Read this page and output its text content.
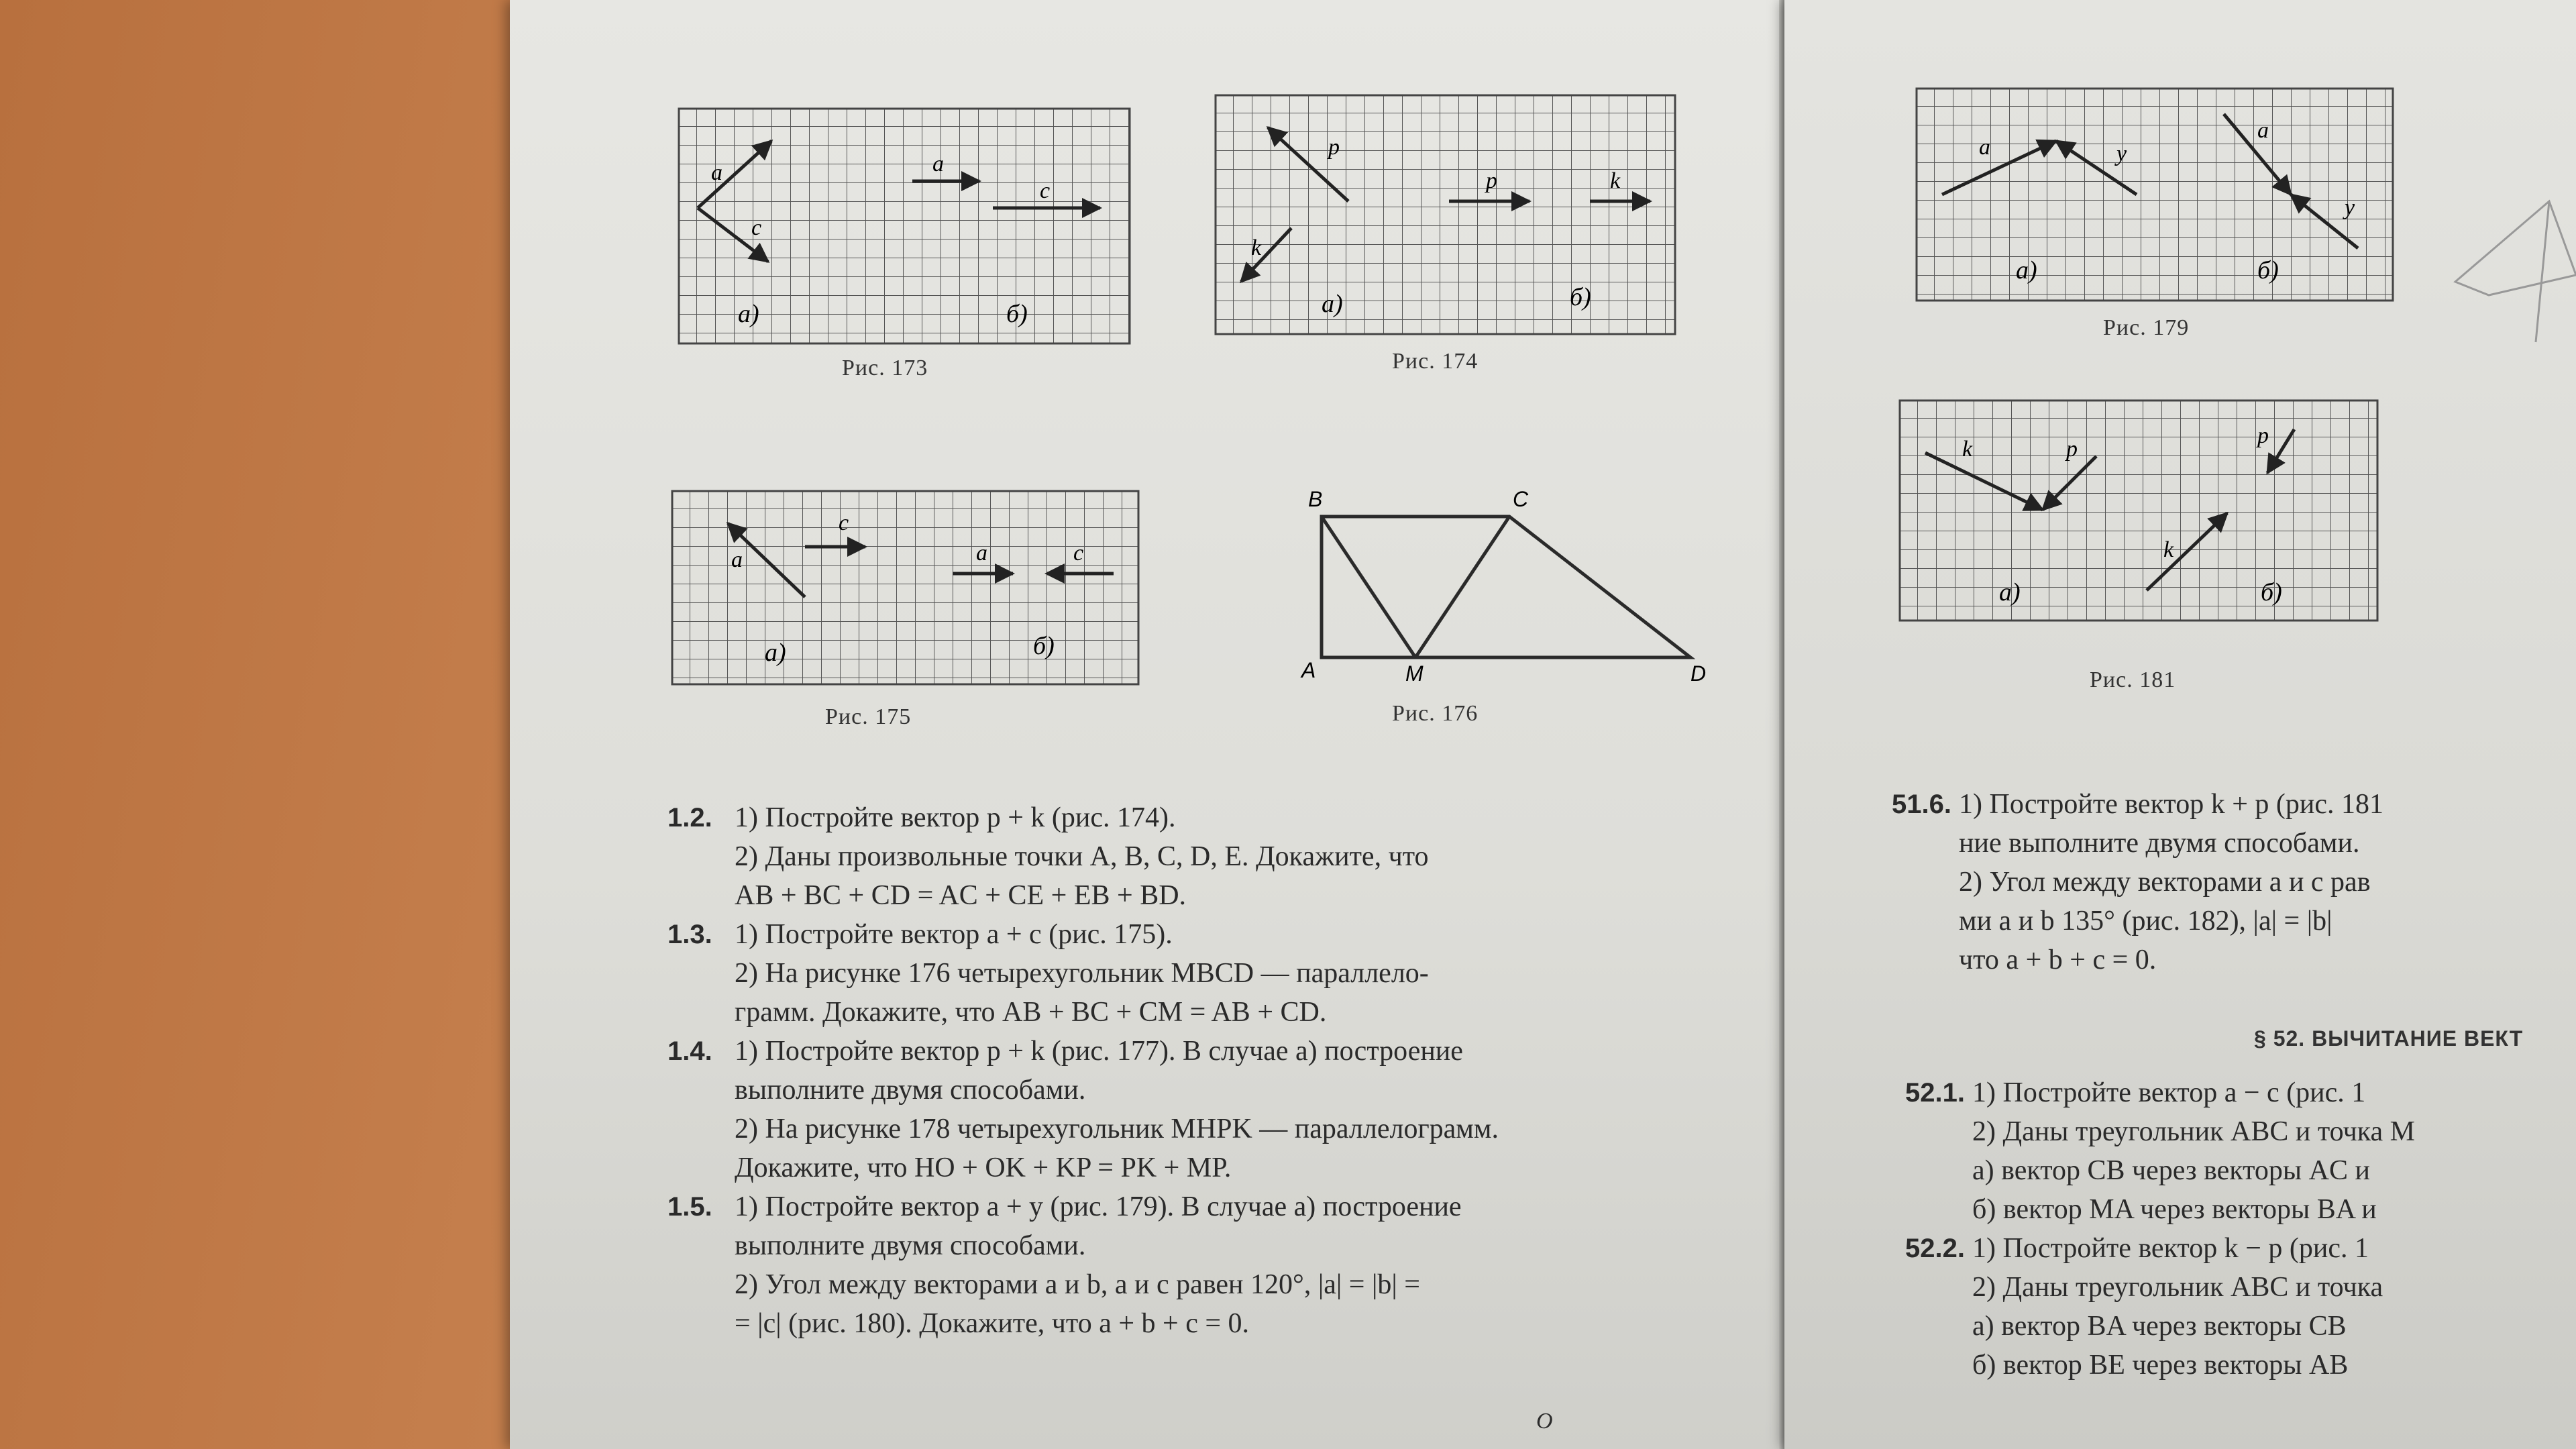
a
c
a
c
а)	б)
Рис. 173
p
k
p	k
а)	б)
Рис. 174
a
c
a	c
а)	б)
Рис. 175
B	C
A	M	D
Рис. 176
1.2. 1) Постройте вектор p + k (рис. 174).
2) Даны произвольные точки A, B, C, D, E. Докажите, что
AB + BC + CD = AC + CE + EB + BD.
1.3. 1) Постройте вектор a + c (рис. 175).
2) На рисунке 176 четырехугольник MBCD — параллело-
грамм. Докажите, что AB + BC + CM = AB + CD.
1.4. 1) Постройте вектор p + k (рис. 177). В случае а) построение
выполните двумя способами.
2) На рисунке 178 четырехугольник MHPK — параллелограмм.
Докажите, что HO + OK + KP = PK + MP.
1.5. 1) Постройте вектор a + y (рис. 179). В случае а) построение
выполните двумя способами.
2) Угол между векторами a и b, a и c равен 120°, |a| = |b| =
= |c| (рис. 180). Докажите, что a + b + c = 0.
O
a	y
a
y
а)	б)
Рис. 179
k	p
p
k
а)	б)
Рис. 181
51.6. 1) Постройте вектор k + p (рис. 181
ние выполните двумя способами.
2) Угол между векторами a и c рав
ми a и b 135° (рис. 182), |a| = |b|
что a + b + c = 0.
§ 52. ВЫЧИТАНИЕ ВЕКТ
52.1. 1) Постройте вектор a − c (рис. 1
2) Даны треугольник ABC и точка M
а) вектор CB через векторы AC и
б) вектор MA через векторы BA и
52.2. 1) Постройте вектор k − p (рис. 1
2) Даны треугольник ABC и точка
а) вектор BA через векторы CB
б) вектор BE через векторы AB
